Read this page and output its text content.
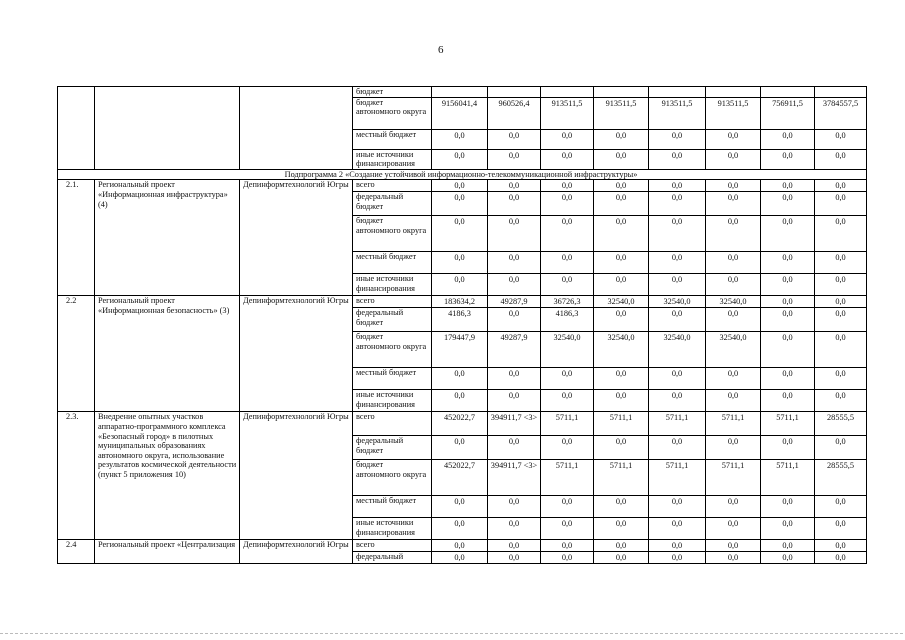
6
			бюджет								
			бюджет автономного округа	9156041,4	960526,4	913511,5	913511,5	913511,5	913511,5	756911,5	3784557,5
			местный бюджет	0,0	0,0	0,0	0,0	0,0	0,0	0,0	0,0
			иные источники финансирования	0,0	0,0	0,0	0,0	0,0	0,0	0,0	0,0
Подпрограмма 2 «Создание устойчивой информационно-телекоммуникационной инфраструктуры»											
2.1.	Региональный проект «Информационная инфраструктура» (4)	Депинформтехнологий Югры	всего	0,0	0,0	0,0	0,0	0,0	0,0	0,0	0,0
			федеральный бюджет	0,0	0,0	0,0	0,0	0,0	0,0	0,0	0,0
			бюджет автономного округа	0,0	0,0	0,0	0,0	0,0	0,0	0,0	0,0
			местный бюджет	0,0	0,0	0,0	0,0	0,0	0,0	0,0	0,0
			иные источники финансирования	0,0	0,0	0,0	0,0	0,0	0,0	0,0	0,0
2.2	Региональный проект «Информационная безопасность» (3)	Депинформтехнологий Югры	всего	183634,2	49287,9	36726,3	32540,0	32540,0	32540,0	0,0	0,0
			федеральный бюджет	4186,3	0,0	4186,3	0,0	0,0	0,0	0,0	0,0
			бюджет автономного округа	179447,9	49287,9	32540,0	32540,0	32540,0	32540,0	0,0	0,0
			местный бюджет	0,0	0,0	0,0	0,0	0,0	0,0	0,0	0,0
			иные источники финансирования	0,0	0,0	0,0	0,0	0,0	0,0	0,0	0,0
2.3.	Внедрение опытных участков аппаратно-программного комплекса «Безопасный город» в пилотных муниципальных образованиях автономного округа, использование результатов космической деятельности (пункт 5 приложения 10)	Депинформтехнологий Югры	всего	452022,7	394911,7 <3>	5711,1	5711,1	5711,1	5711,1	5711,1	28555,5
			федеральный бюджет	0,0	0,0	0,0	0,0	0,0	0,0	0,0	0,0
			бюджет автономного округа	452022,7	394911,7 <3>	5711,1	5711,1	5711,1	5711,1	5711,1	28555,5
			местный бюджет	0,0	0,0	0,0	0,0	0,0	0,0	0,0	0,0
			иные источники финансирования	0,0	0,0	0,0	0,0	0,0	0,0	0,0	0,0
2.4	Региональный проект «Централизация	Депинформтехнологий Югры	всего	0,0	0,0	0,0	0,0	0,0	0,0	0,0	0,0
			федеральный	0,0	0,0	0,0	0,0	0,0	0,0	0,0	0,0
